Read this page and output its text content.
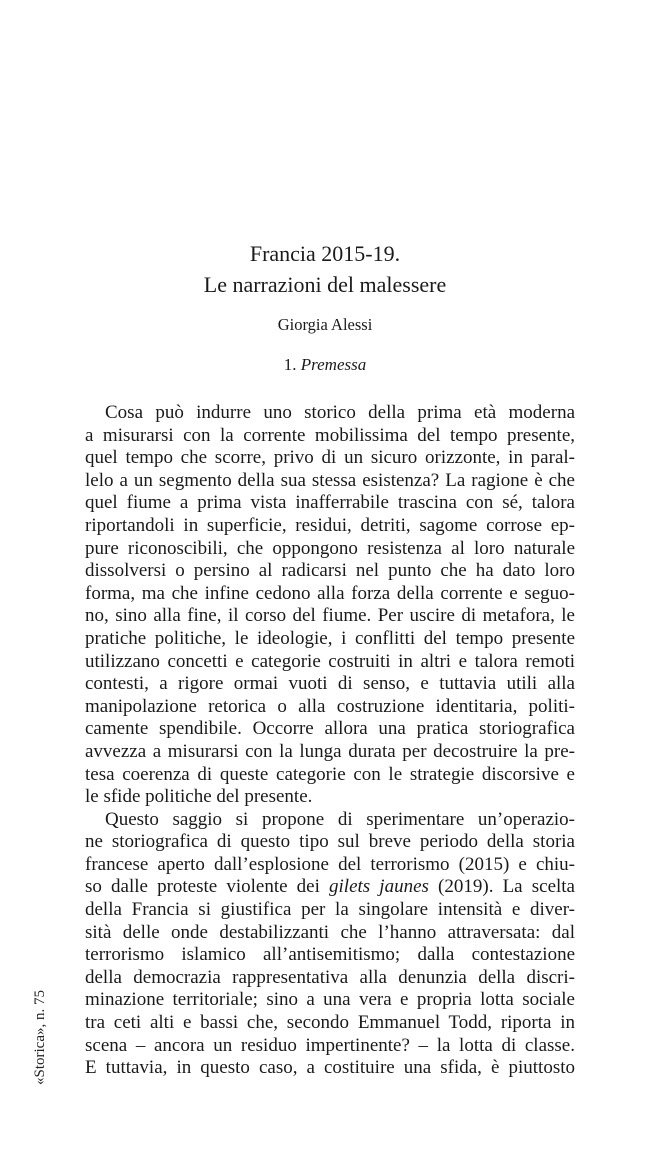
Francia 2015-19.
Le narrazioni del malessere
Giorgia Alessi
1. Premessa
Cosa può indurre uno storico della prima età moderna
a misurarsi con la corrente mobilissima del tempo presente,
quel tempo che scorre, privo di un sicuro orizzonte, in paral-
lelo a un segmento della sua stessa esistenza? La ragione è che
quel fiume a prima vista inafferrabile trascina con sé, talora
riportandoli in superficie, residui, detriti, sagome corrose ep-
pure riconoscibili, che oppongono resistenza al loro naturale
dissolversi o persino al radicarsi nel punto che ha dato loro
forma, ma che infine cedono alla forza della corrente e seguo-
no, sino alla fine, il corso del fiume. Per uscire di metafora, le
pratiche politiche, le ideologie, i conflitti del tempo presente
utilizzano concetti e categorie costruiti in altri e talora remoti
contesti, a rigore ormai vuoti di senso, e tuttavia utili alla
manipolazione retorica o alla costruzione identitaria, politi-
camente spendibile. Occorre allora una pratica storiografica
avvezza a misurarsi con la lunga durata per decostruire la pre-
tesa coerenza di queste categorie con le strategie discorsive e
le sfide politiche del presente.
Questo saggio si propone di sperimentare un’operazio-
ne storiografica di questo tipo sul breve periodo della storia
francese aperto dall’esplosione del terrorismo (2015) e chiu-
so dalle proteste violente dei gilets jaunes (2019). La scelta
della Francia si giustifica per la singolare intensità e diver-
sità delle onde destabilizzanti che l’hanno attraversata: dal
terrorismo islamico all’antisemitismo; dalla contestazione
della democrazia rappresentativa alla denunzia della discri-
minazione territoriale; sino a una vera e propria lotta sociale
tra ceti alti e bassi che, secondo Emmanuel Todd, riporta in
scena – ancora un residuo impertinente? – la lotta di classe.
E tuttavia, in questo caso, a costituire una sfida, è piuttosto
«Storica», n. 75
